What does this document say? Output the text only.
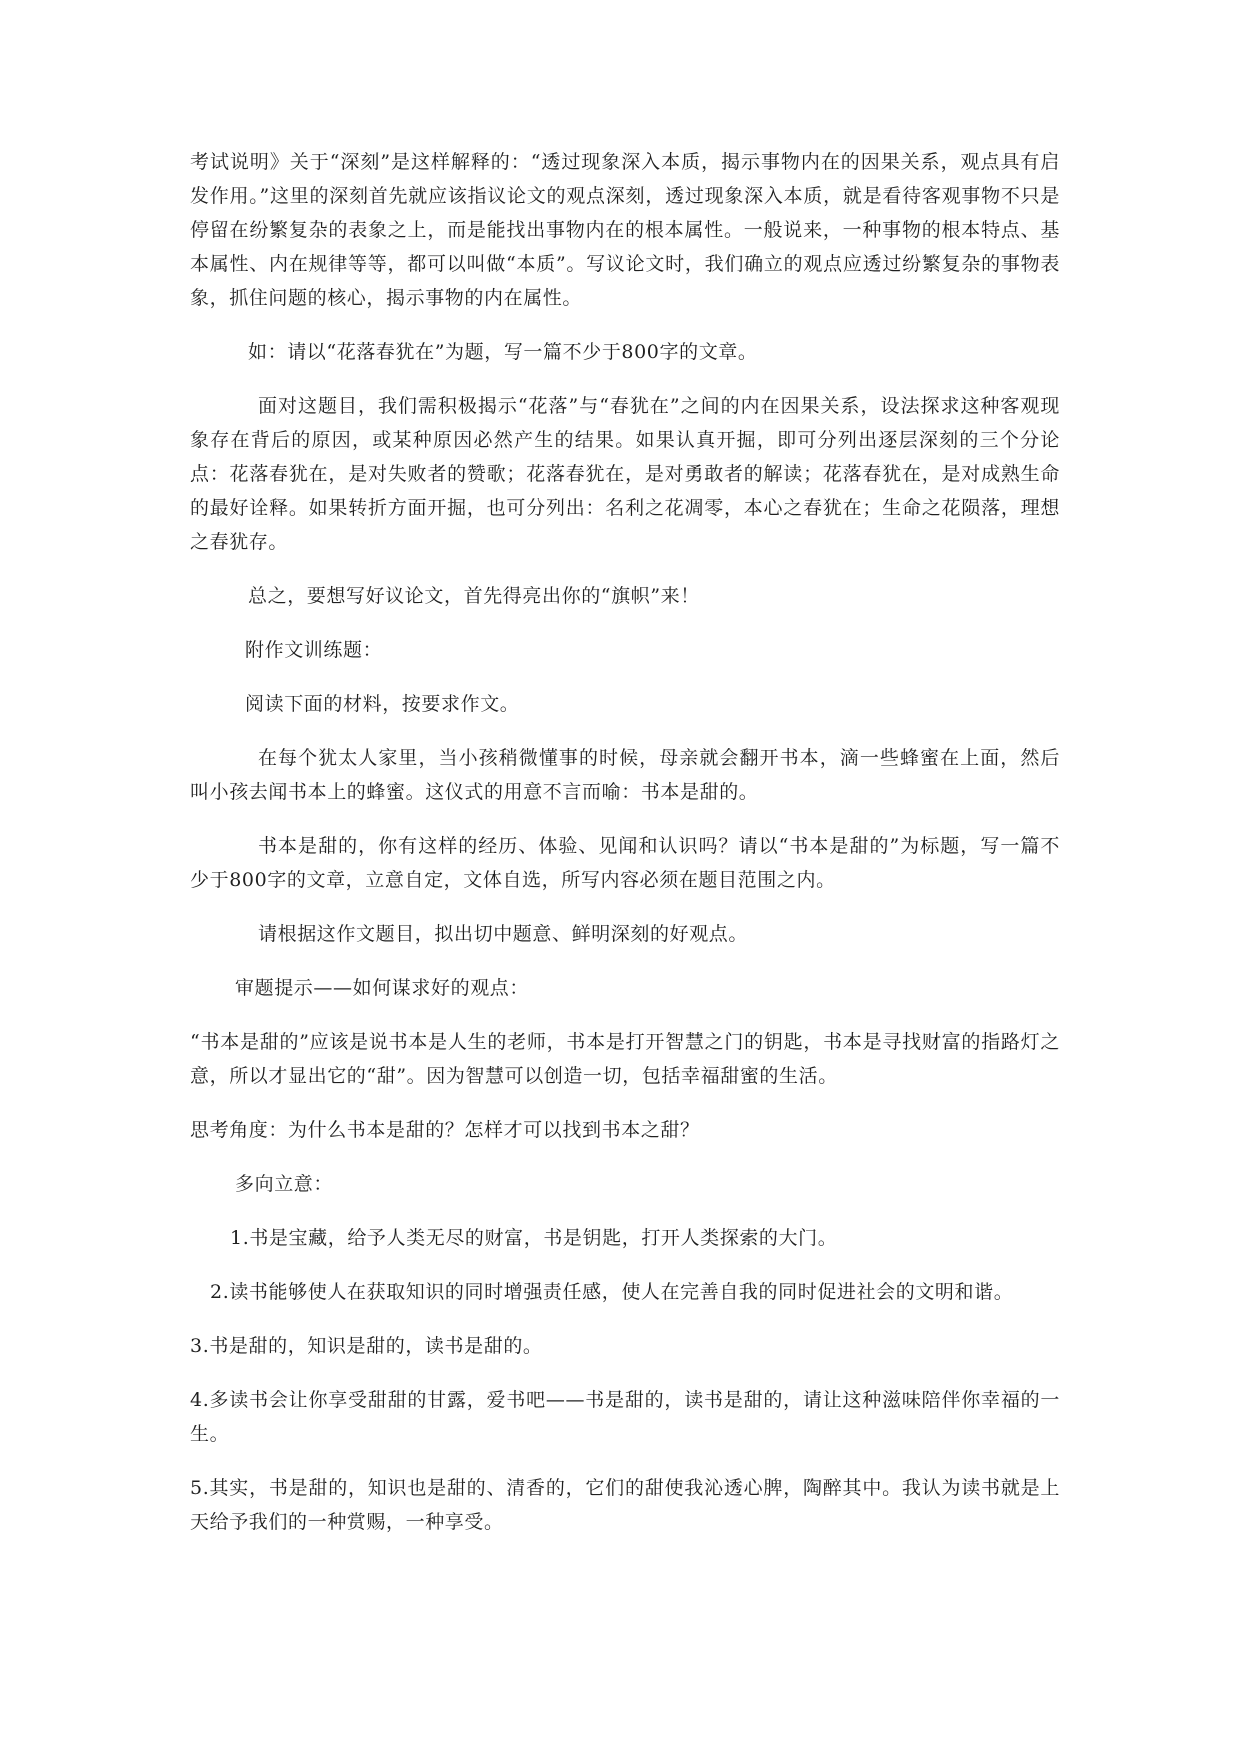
考试说明》关于“深刻”是这样解释的：“透过现象深入本质，揭示事物内在的因果关系，观点具有启发作用。”这里的深刻首先就应该指议论文的观点深刻，透过现象深入本质，就是看待客观事物不只是停留在纷繁复杂的表象之上，而是能找出事物内在的根本属性。一般说来，一种事物的根本特点、基本属性、内在规律等等，都可以叫做“本质”。写议论文时，我们确立的观点应透过纷繁复杂的事物表象，抓住问题的核心，揭示事物的内在属性。

如：请以“花落春犹在”为题，写一篇不少于800字的文章。

面对这题目，我们需积极揭示“花落”与“春犹在”之间的内在因果关系，设法探求这种客观现象存在背后的原因，或某种原因必然产生的结果。如果认真开掘，即可分列出逐层深刻的三个分论点：花落春犹在，是对失败者的赞歌；花落春犹在，是对勇敢者的解读；花落春犹在，是对成熟生命的最好诠释。如果转折方面开掘，也可分列出：名利之花凋零，本心之春犹在；生命之花陨落，理想之春犹存。

总之，要想写好议论文，首先得亮出你的“旗帜”来！

附作文训练题：

阅读下面的材料，按要求作文。

在每个犹太人家里，当小孩稍微懂事的时候，母亲就会翻开书本，滴一些蜂蜜在上面，然后叫小孩去闻书本上的蜂蜜。这仪式的用意不言而喻：书本是甜的。

书本是甜的，你有这样的经历、体验、见闻和认识吗？请以“书本是甜的”为标题，写一篇不少于800字的文章，立意自定，文体自选，所写内容必须在题目范围之内。

请根据这作文题目，拟出切中题意、鲜明深刻的好观点。

审题提示——如何谋求好的观点：

“书本是甜的”应该是说书本是人生的老师，书本是打开智慧之门的钥匙，书本是寻找财富的指路灯之意，所以才显出它的“甜”。因为智慧可以创造一切，包括幸福甜蜜的生活。

思考角度：为什么书本是甜的？怎样才可以找到书本之甜？

多向立意：

1.书是宝藏，给予人类无尽的财富，书是钥匙，打开人类探索的大门。

2.读书能够使人在获取知识的同时增强责任感，使人在完善自我的同时促进社会的文明和谐。

3.书是甜的，知识是甜的，读书是甜的。

4.多读书会让你享受甜甜的甘露，爱书吧——书是甜的，读书是甜的，请让这种滋味陪伴你幸福的一生。

5.其实，书是甜的，知识也是甜的、清香的，它们的甜使我沁透心脾，陶醉其中。我认为读书就是上天给予我们的一种赏赐，一种享受。
